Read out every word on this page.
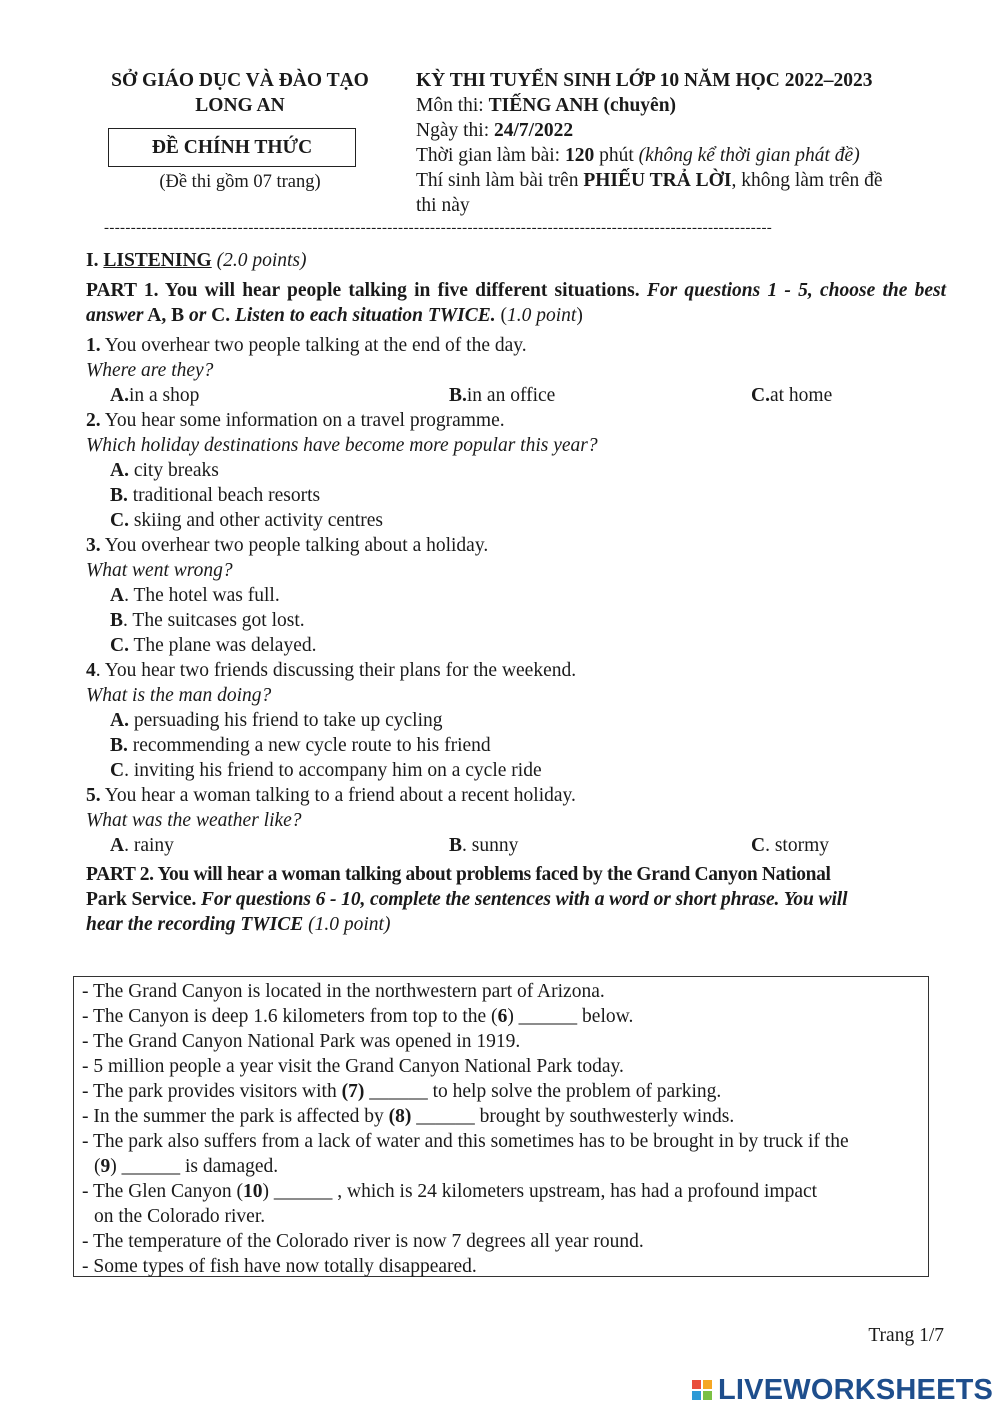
SỞ GIÁO DỤC VÀ ĐÀO TẠO
LONG AN
ĐỀ CHÍNH THỨC
(Đề thi gồm 07 trang)
KỲ THI TUYỂN SINH LỚP 10 NĂM HỌC 2022–2023
Môn thi: TIẾNG ANH (chuyên)
Ngày thi: 24/7/2022
Thời gian làm bài: 120 phút (không kể thời gian phát đề)
Thí sinh làm bài trên PHIẾU TRẢ LỜI, không làm trên đề
thi này
-----------------------------------------------------------------------------------------------------------------------------
I. LISTENING (2.0 points)
PART 1. You will hear people talking in five different situations. For questions 1 - 5, choose the best answer A, B or C. Listen to each situation TWICE. (1.0 point)
1. You overhear two people talking at the end of the day.
Where are they?
A. in a shop	B. in an office	C. at home
2. You hear some information on a travel programme.
Which holiday destinations have become more popular this year?
A. city breaks
B. traditional beach resorts
C. skiing and other activity centres
3. You overhear two people talking about a holiday.
What went wrong?
A. The hotel was full.
B. The suitcases got lost.
C. The plane was delayed.
4. You hear two friends discussing their plans for the weekend.
What is the man doing?
A. persuading his friend to take up cycling
B. recommending a new cycle route to his friend
C. inviting his friend to accompany him on a cycle ride
5. You hear a woman talking to a friend about a recent holiday.
What was the weather like?
A . rainy	B . sunny	C . stormy
PART 2. You will hear a woman talking about problems faced by the Grand Canyon National
Park Service. For questions 6 - 10, complete the sentences with a word or short phrase. You will
hear the recording TWICE (1.0 point)
- The Grand Canyon is located in the northwestern part of Arizona.
- The Canyon is deep 1.6 kilometers from top to the (6) ______ below.
- The Grand Canyon National Park was opened in 1919.
- 5 million people a year visit the Grand Canyon National Park today.
- The park provides visitors with (7) ______ to help solve the problem of parking.
- In the summer the park is affected by (8) ______ brought by southwesterly winds.
- The park also suffers from a lack of water and this sometimes has to be brought in by truck if the
(9) ______ is damaged.
- The Glen Canyon (10) ______ , which is 24 kilometers upstream, has had a profound impact
on the Colorado river.
- The temperature of the Colorado river is now 7 degrees all year round.
- Some types of fish have now totally disappeared.
Trang 1/7
LIVEWORKSHEETS
